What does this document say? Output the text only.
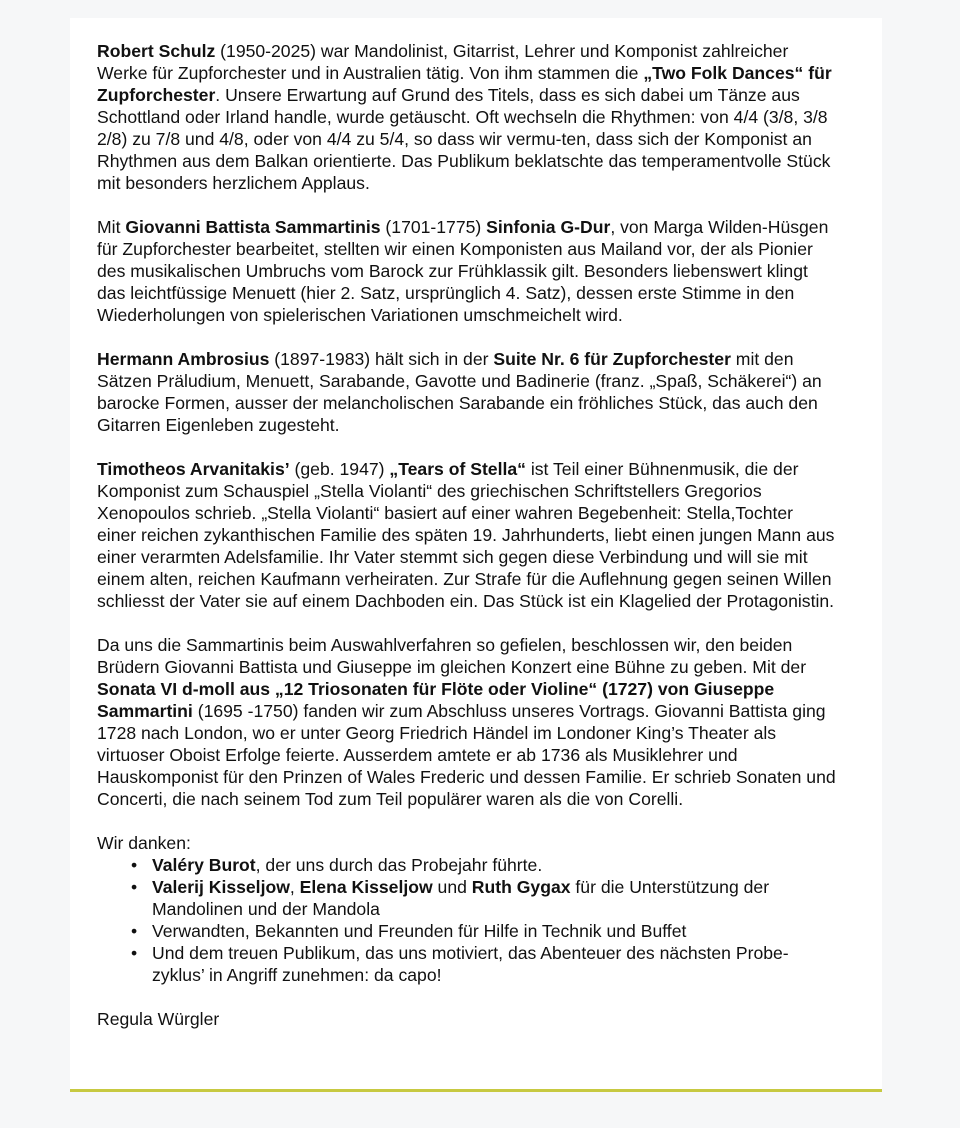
Robert Schulz (1950-2025) war Mandolinist, Gitarrist, Lehrer und Komponist zahlreicher Werke für Zupforchester und in Australien tätig. Von ihm stammen die „Two Folk Dances“ für Zupforchester. Unsere Erwartung auf Grund des Titels, dass es sich dabei um Tänze aus Schottland oder Irland handle, wurde getäuscht. Oft wechseln die Rhythmen: von 4/4 (3/8, 3/8 2/8) zu 7/8 und 4/8, oder von 4/4 zu 5/4, so dass wir vermu-ten, dass sich der Komponist an Rhythmen aus dem Balkan orientierte. Das Publikum beklatschte das temperamentvolle Stück mit besonders herzlichem Applaus.

Mit Giovanni Battista Sammartinis (1701-1775) Sinfonia G-Dur, von Marga Wilden-Hüsgen für Zupforchester bearbeitet, stellten wir einen Komponisten aus Mailand vor, der als Pionier des musikalischen Umbruchs vom Barock zur Frühklassik gilt. Besonders liebenswert klingt das leichtfüssige Menuett (hier 2. Satz, ursprünglich 4. Satz), dessen erste Stimme in den Wiederholungen von spielerischen Variationen umschmeichelt wird.

Hermann Ambrosius (1897-1983) hält sich in der Suite Nr. 6 für Zupforchester mit den Sätzen Präludium, Menuett, Sarabande, Gavotte und Badinerie (franz. „Spaß, Schäkerei“) an barocke Formen, ausser der melancholischen Sarabande ein fröhliches Stück, das auch den Gitarren Eigenleben zugesteht.

Timotheos Arvanitakis’ (geb. 1947) „Tears of Stella“ ist Teil einer Bühnenmusik, die der Komponist zum Schauspiel „Stella Violanti“ des griechischen Schriftstellers Gregorios Xenopoulos schrieb. „Stella Violanti“ basiert auf einer wahren Begebenheit: Stella,Tochter einer reichen zykanthischen Familie des späten 19. Jahrhunderts, liebt einen jungen Mann aus einer verarmten Adelsfamilie. Ihr Vater stemmt sich gegen diese Verbindung und will sie mit einem alten, reichen Kaufmann verheiraten. Zur Strafe für die Auflehnung gegen seinen Willen schliesst der Vater sie auf einem Dachboden ein. Das Stück ist ein Klagelied der Protagonistin.

Da uns die Sammartinis beim Auswahlverfahren so gefielen, beschlossen wir, den beiden Brüdern Giovanni Battista und Giuseppe im gleichen Konzert eine Bühne zu geben. Mit der Sonata VI d-moll aus „12 Triosonaten für Flöte oder Violine“ (1727) von Giuseppe Sammartini (1695 -1750) fanden wir zum Abschluss unseres Vortrags. Giovanni Battista ging 1728 nach London, wo er unter Georg Friedrich Händel im Londoner King’s Theater als virtuoser Oboist Erfolge feierte. Ausserdem amtete er ab 1736 als Musiklehrer und Hauskomponist für den Prinzen of Wales Frederic und dessen Familie. Er schrieb Sonaten und Concerti, die nach seinem Tod zum Teil populärer waren als die von Corelli.

Wir danken:

• Valéry Burot, der uns durch das Probejahr führte.
• Valerij Kisseljow, Elena Kisseljow und Ruth Gygax für die Unterstützung der Mandolinen und der Mandola
• Verwandten, Bekannten und Freunden für Hilfe in Technik und Buffet
• Und dem treuen Publikum, das uns motiviert, das Abenteuer des nächsten Probe-zyklus’ in Angriff zunehmen: da capo!

Regula Würgler
